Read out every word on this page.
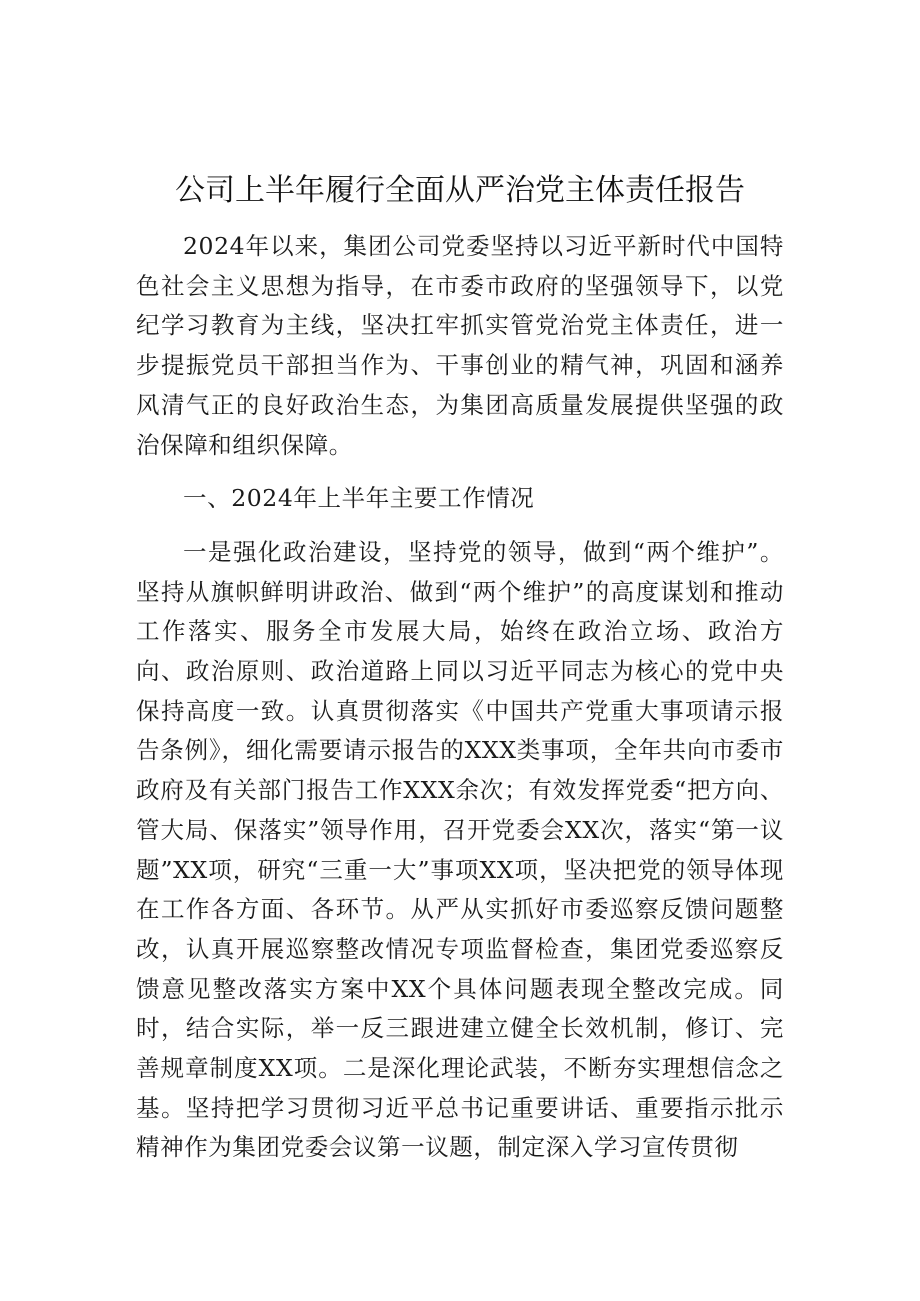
公司上半年履行全面从严治党主体责任报告

2024年以来，集团公司党委坚持以习近平新时代中国特色社会主义思想为指导，在市委市政府的坚强领导下，以党纪学习教育为主线，坚决扛牢抓实管党治党主体责任，进一步提振党员干部担当作为、干事创业的精气神，巩固和涵养风清气正的良好政治生态，为集团高质量发展提供坚强的政治保障和组织保障。

一、2024年上半年主要工作情况

一是强化政治建设，坚持党的领导，做到“两个维护”。坚持从旗帜鲜明讲政治、做到“两个维护”的高度谋划和推动工作落实、服务全市发展大局，始终在政治立场、政治方向、政治原则、政治道路上同以习近平同志为核心的党中央保持高度一致。认真贯彻落实《中国共产党重大事项请示报告条例》，细化需要请示报告的XXX类事项，全年共向市委市政府及有关部门报告工作XXX余次；有效发挥党委“把方向、管大局、保落实”领导作用，召开党委会XX次，落实“第一议题”XX项，研究“三重一大”事项XX项，坚决把党的领导体现在工作各方面、各环节。从严从实抓好市委巡察反馈问题整改，认真开展巡察整改情况专项监督检查，集团党委巡察反馈意见整改落实方案中XX个具体问题表现全整改完成。同时，结合实际，举一反三跟进建立健全长效机制，修订、完善规章制度XX项。二是深化理论武装，不断夯实理想信念之基。坚持把学习贯彻习近平总书记重要讲话、重要指示批示精神作为集团党委会议第一议题，制定深入学习宣传贯彻
